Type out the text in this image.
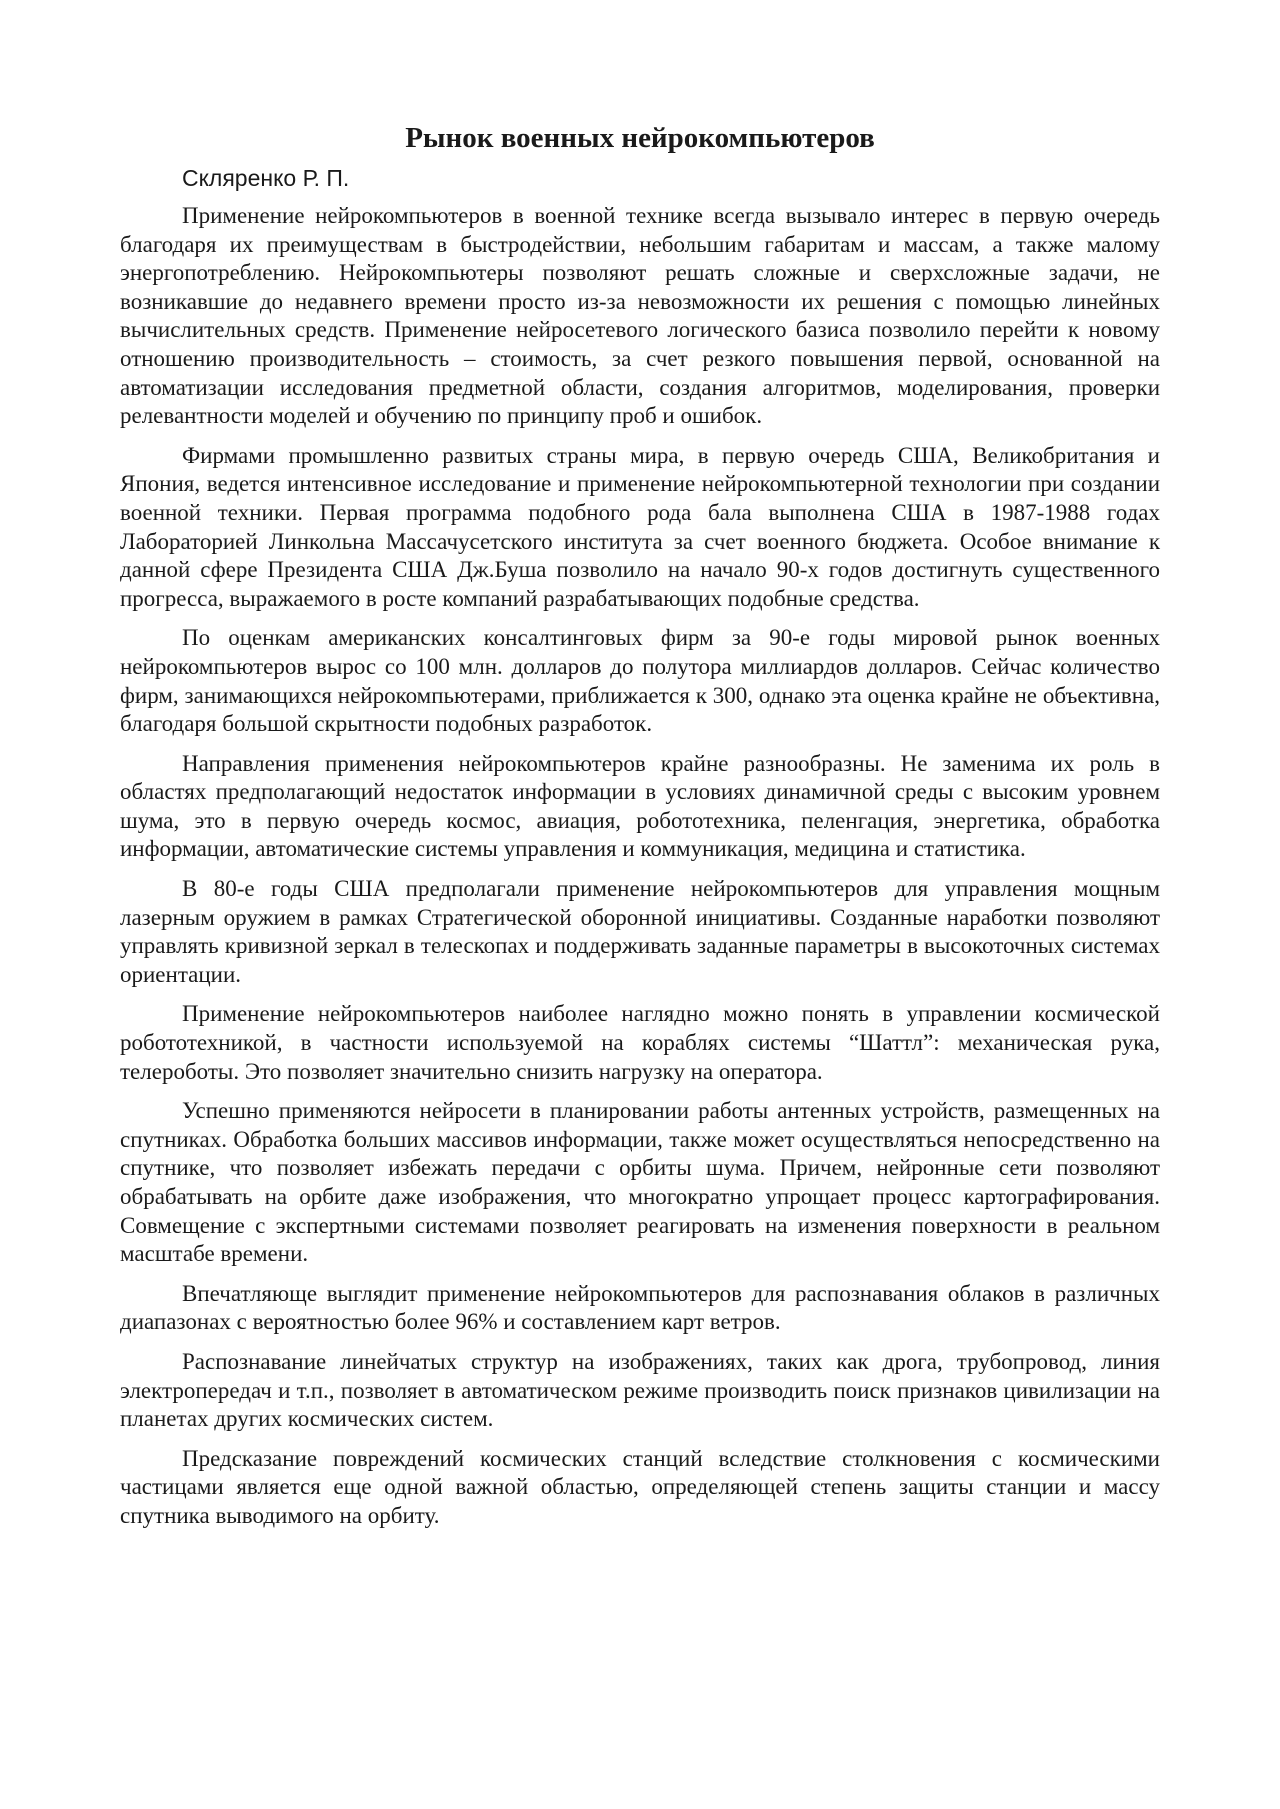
Рынок военных нейрокомпьютеров

Скляренко Р. П.

Применение нейрокомпьютеров в военной технике всегда вызывало интерес в первую очередь благодаря их преимуществам в быстродействии, небольшим габаритам и массам, а также малому энергопотреблению. Нейрокомпьютеры позволяют решать сложные и сверхсложные задачи, не возникавшие до недавнего времени просто из-за невозможности их решения с помощью линейных вычислительных средств. Применение нейросетевого логического базиса позволило перейти к новому отношению производительность – стоимость, за счет резкого повышения первой, основанной на автоматизации исследования предметной области, создания алгоритмов, моделирования, проверки релевантности моделей и обучению по принципу проб и ошибок.

Фирмами промышленно развитых страны мира, в первую очередь США, Великобритания и Япония, ведется интенсивное исследование и применение нейрокомпьютерной технологии при создании военной техники. Первая программа подобного рода бала выполнена США в 1987-1988 годах Лабораторией Линкольна Массачусетского института за счет военного бюджета. Особое внимание к данной сфере Президента США Дж.Буша позволило на начало 90-х годов достигнуть существенного прогресса, выражаемого в росте компаний разрабатывающих подобные средства.

По оценкам американских консалтинговых фирм за 90-е годы мировой рынок военных нейрокомпьютеров вырос со 100 млн. долларов до полутора миллиардов долларов. Сейчас количество фирм, занимающихся нейрокомпьютерами, приближается к 300, однако эта оценка крайне не объективна, благодаря большой скрытности подобных разработок.

Направления применения нейрокомпьютеров крайне разнообразны. Не заменима их роль в областях предполагающий недостаток информации в условиях динамичной среды с высоким уровнем шума, это в первую очередь космос, авиация, робототехника, пеленгация, энергетика, обработка информации, автоматические системы управления и коммуникация, медицина и статистика.

В 80-е годы США предполагали применение нейрокомпьютеров для управления мощным лазерным оружием в рамках Стратегической оборонной инициативы. Созданные наработки позволяют управлять кривизной зеркал в телескопах и поддерживать заданные параметры в высокоточных системах ориентации.

Применение нейрокомпьютеров наиболее наглядно можно понять в управлении космической робототехникой, в частности используемой на кораблях системы “Шаттл”: механическая рука, телероботы. Это позволяет значительно снизить нагрузку на оператора.

Успешно применяются нейросети в планировании работы антенных устройств, размещенных на спутниках. Обработка больших массивов информации, также может осуществляться непосредственно на спутнике, что позволяет избежать передачи с орбиты шума. Причем, нейронные сети позволяют обрабатывать на орбите даже изображения, что многократно упрощает процесс картографирования. Совмещение с экспертными системами позволяет реагировать на изменения поверхности в реальном масштабе времени.

Впечатляюще выглядит применение нейрокомпьютеров для распознавания облаков в различных диапазонах с вероятностью более 96% и составлением карт ветров.

Распознавание линейчатых структур на изображениях, таких как дрога, трубопровод, линия электропередач и т.п., позволяет в автоматическом режиме производить поиск признаков цивилизации на планетах других космических систем.

Предсказание повреждений космических станций вследствие столкновения с космическими частицами является еще одной важной областью, определяющей степень защиты станции и массу спутника выводимого на орбиту.
